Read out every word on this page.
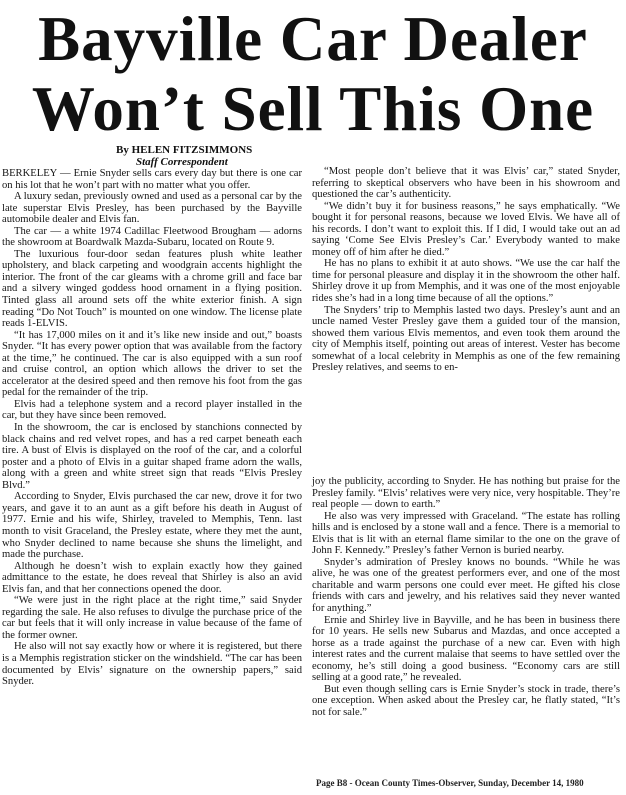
Bayville Car Dealer
Won’t Sell This One
By HELEN FITZSIMMONS
Staff Correspondent

BERKELEY — Ernie Snyder sells cars every day but there is one car on his lot that he won’t part with no matter what you offer.

A luxury sedan, previously owned and used as a personal car by the late superstar Elvis Presley, has been purchased by the Bayville automobile dealer and Elvis fan.

The car — a white 1974 Cadillac Fleetwood Brougham — adorns the showroom at Boardwalk Mazda-Subaru, located on Route 9.

The luxurious four-door sedan features plush white leather upholstery, and black carpeting and woodgrain accents highlight the interior. The front of the car gleams with a chrome grill and face bar and a silvery winged goddess hood ornament in a flying position. Tinted glass all around sets off the white exterior finish. A sign reading “Do Not Touch” is mounted on one window. The license plate reads 1-ELVIS.

“It has 17,000 miles on it and it’s like new inside and out,” boasts Snyder. “It has every power option that was available from the factory at the time,” he continued. The car is also equipped with a sun roof and cruise control, an option which allows the driver to set the accelerator at the desired speed and then remove his foot from the gas pedal for the remainder of the trip.

Elvis had a telephone system and a record player installed in the car, but they have since been removed.

In the showroom, the car is enclosed by stanchions connected by black chains and red velvet ropes, and has a red carpet beneath each tire. A bust of Elvis is displayed on the roof of the car, and a colorful poster and a photo of Elvis in a guitar shaped frame adorn the walls, along with a green and white street sign that reads “Elvis Presley Blvd.”

According to Snyder, Elvis purchased the car new, drove it for two years, and gave it to an aunt as a gift before his death in August of 1977. Ernie and his wife, Shirley, traveled to Memphis, Tenn. last month to visit Graceland, the Presley estate, where they met the aunt, who Snyder declined to name because she shuns the limelight, and made the purchase.

Although he doesn’t wish to explain exactly how they gained admittance to the estate, he does reveal that Shirley is also an avid Elvis fan, and that her connections opened the door.

“We were just in the right place at the right time,” said Snyder regarding the sale. He also refuses to divulge the purchase price of the car but feels that it will only increase in value because of the fame of the former owner.

He also will not say exactly how or where it is registered, but there is a Memphis registration sticker on the windshield. “The car has been documented by Elvis’ signature on the ownership papers,” said Snyder.

“Most people don’t believe that it was Elvis’ car,” stated Snyder, referring to skeptical observers who have been in his showroom and questioned the car’s authenticity.

“We didn’t buy it for business reasons,” he says emphatically. “We bought it for personal reasons, because we loved Elvis. We have all of his records. I don’t want to exploit this. If I did, I would take out an ad saying ‘Come See Elvis Presley’s Car.’ Everybody wanted to make money off of him after he died.”

He has no plans to exhibit it at auto shows. “We use the car half the time for personal pleasure and display it in the showroom the other half. Shirley drove it up from Memphis, and it was one of the most enjoyable rides she’s had in a long time because of all the options.”

The Snyders’ trip to Memphis lasted two days. Presley’s aunt and an uncle named Vester Presley gave them a guided tour of the mansion, showed them various Elvis mementos, and even took them around the city of Memphis itself, pointing out areas of interest. Vester has become somewhat of a local celebrity in Memphis as one of the few remaining Presley relatives, and seems to en-

joy the publicity, according to Snyder. He has nothing but praise for the Presley family. “Elvis’ relatives were very nice, very hospitable. They’re real people — down to earth.”

He also was very impressed with Graceland. “The estate has rolling hills and is enclosed by a stone wall and a fence. There is a memorial to Elvis that is lit with an eternal flame similar to the one on the grave of John F. Kennedy.” Presley’s father Vernon is buried nearby.

Snyder’s admiration of Presley knows no bounds. “While he was alive, he was one of the greatest performers ever, and one of the most charitable and warm persons one could ever meet. He gifted his close friends with cars and jewelry, and his relatives said they never wanted for anything.”

Ernie and Shirley live in Bayville, and he has been in business there for 10 years. He sells new Subarus and Mazdas, and once accepted a horse as a trade against the purchase of a new car. Even with high interest rates and the current malaise that seems to have settled over the economy, he’s still doing a good business. “Economy cars are still selling at a good rate,” he revealed.

But even though selling cars is Ernie Snyder’s stock in trade, there’s one exception. When asked about the Presley car, he flatly stated, “It’s not for sale.”

Page B8 - Ocean County Times-Observer, Sunday, December 14, 1980
